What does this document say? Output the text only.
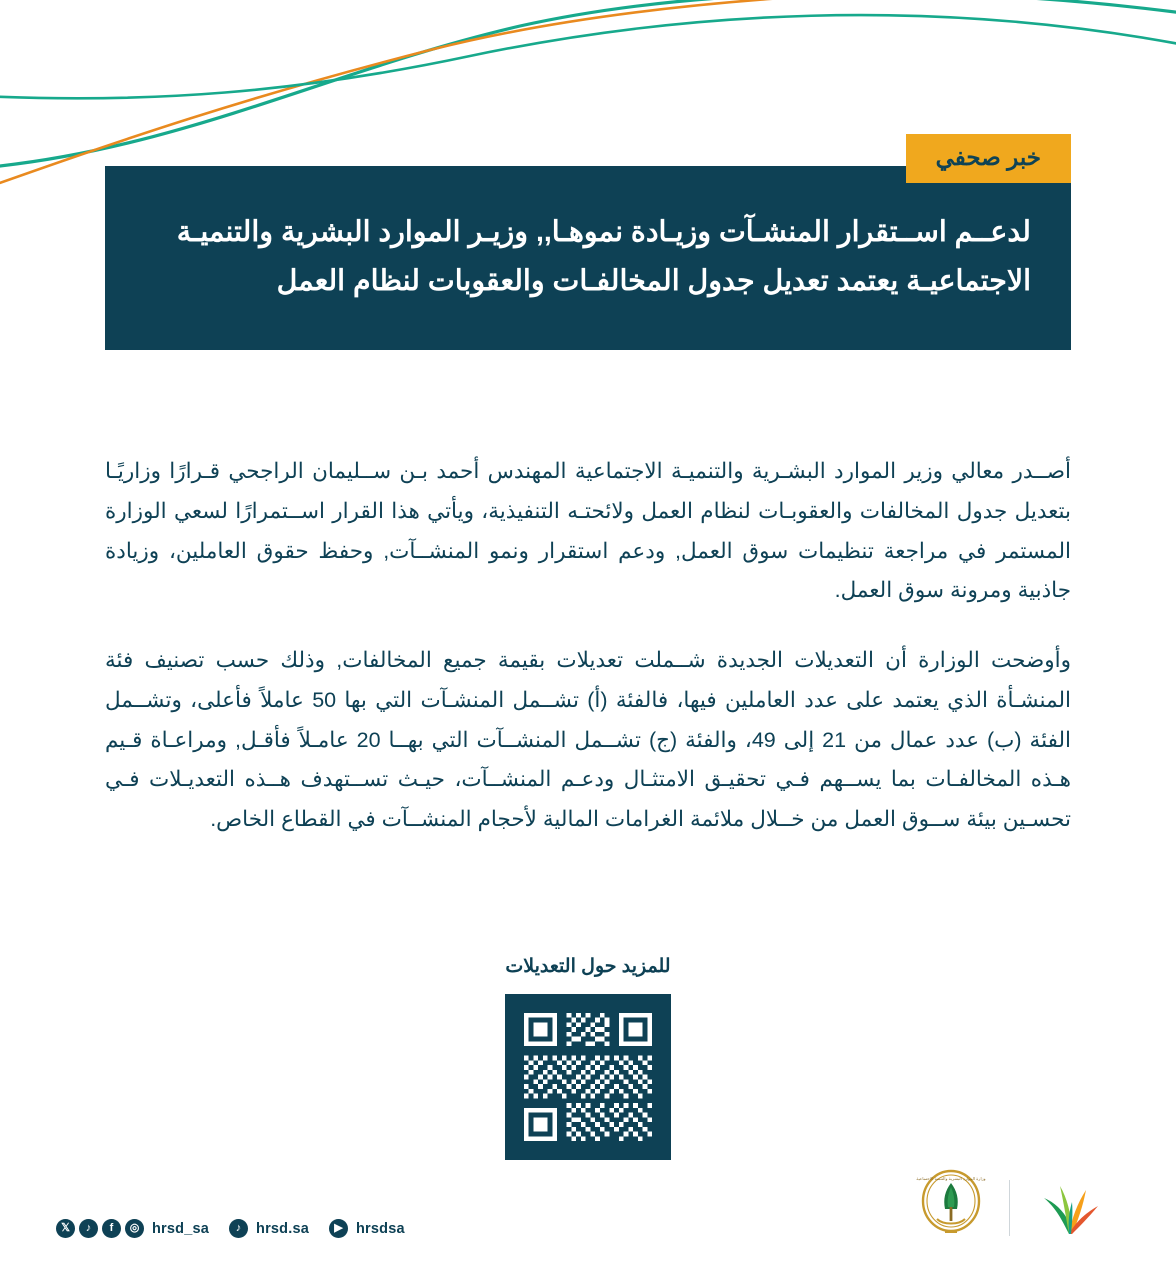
خبر صحفي
لدعــم اســتقرار المنشـآت وزيـادة نموهـا,, وزيـر الموارد البشرية والتنميـة الاجتماعيـة يعتمد تعديل جدول المخالفـات والعقوبات لنظام العمل

أصــدر معالي وزير الموارد البشـرية والتنميـة الاجتماعية المهندس أحمد بـن ســليمان الراجحي قـرارًا وزاريًـا بتعديل جدول المخالفات والعقوبـات لنظام العمل ولائحتـه التنفيذية، ويأتي هذا القرار اســتمرارًا لسعي الوزارة المستمر في مراجعة تنظيمات سوق العمل, ودعم استقرار ونمو المنشــآت, وحفظ حقوق العاملين، وزيادة جاذبية ومرونة سوق العمل.

وأوضحت الوزارة أن التعديلات الجديدة شــملت تعديلات بقيمة جميع المخالفات, وذلك حسب تصنيف فئة المنشـأة الذي يعتمد على عدد العاملين فيها، فالفئة (أ) تشــمل المنشـآت التي بها 50 عاملاً فأعلى، وتشــمل الفئة (ب) عدد عمال من 21 إلى 49، والفئة (ج) تشــمل المنشــآت التي بهــا 20 عامـلاً فأقـل, ومراعـاة قـيم هـذه المخالفـات بما يســهم فـي تحقيـق الامتثـال ودعـم المنشــآت، حيـث تســتهدف هــذه التعديـلات فـي تحسـين بيئة ســوق العمل من خــلال ملائمة الغرامات المالية لأحجام المنشــآت في القطاع الخاص.

للمزيد حول التعديلات
𝕏	♪	f	◎ hrsd_sa	♪	hrsd.sa	▶ hrsdsa
وزارة الموارد البشرية والتنمية الاجتماعية
